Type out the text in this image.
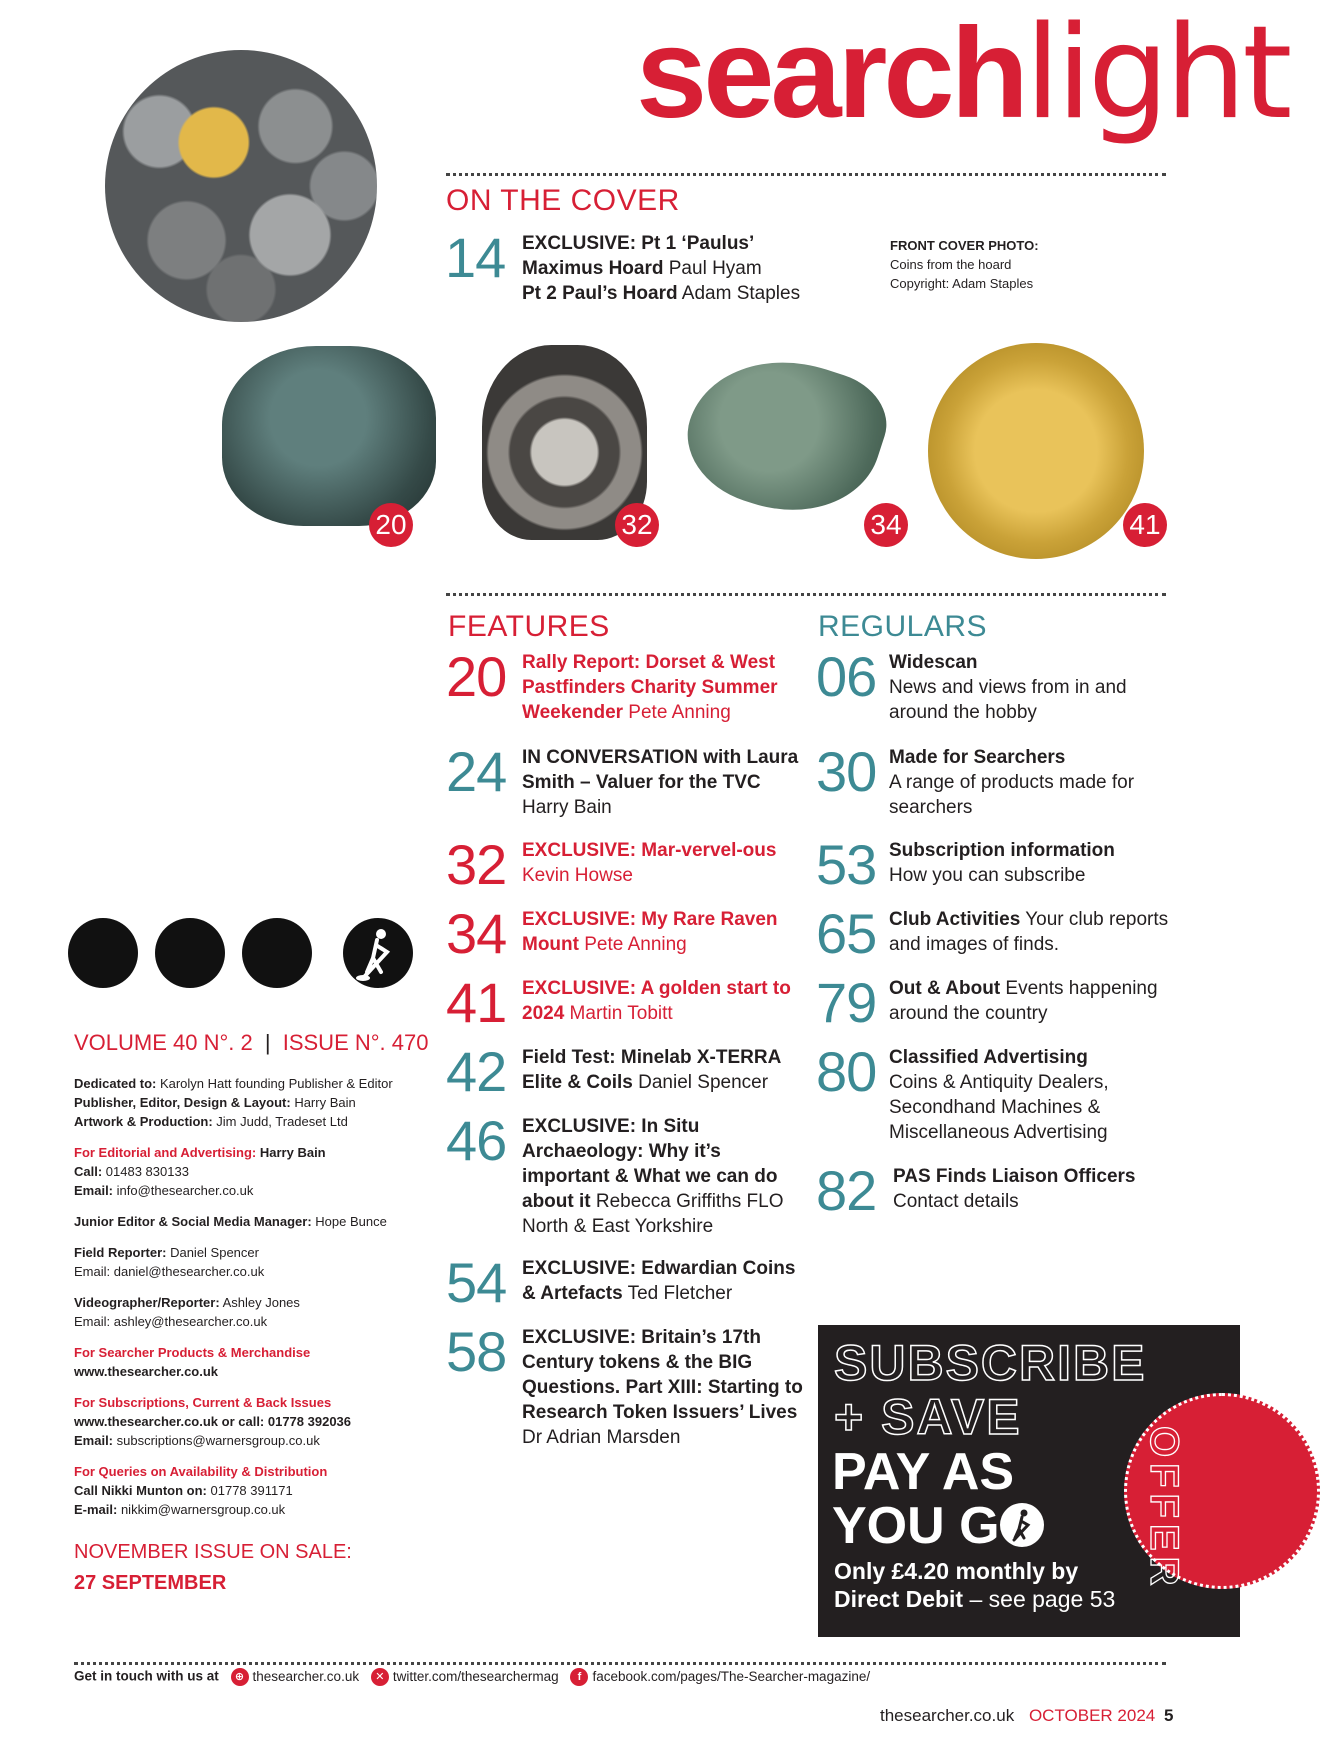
searchlight
ON THE COVER
14 EXCLUSIVE: Pt 1 ‘Paulus’
Maximus Hoard Paul Hyam
Pt 2 Paul’s Hoard Adam Staples
FRONT COVER PHOTO:
Coins from the hoard
Copyright: Adam Staples
20	32	34	41
FEATURES
20 Rally Report: Dorset & West Pastfinders Charity Summer Weekender Pete Anning
24 IN CONVERSATION with Laura Smith – Valuer for the TVC Harry Bain
32 EXCLUSIVE: Mar-vervel-ous Kevin Howse
34 EXCLUSIVE: My Rare Raven Mount Pete Anning
41 EXCLUSIVE: A golden start to 2024 Martin Tobitt
42 Field Test: Minelab X-TERRA Elite & Coils Daniel Spencer
46 EXCLUSIVE: In Situ Archaeology: Why it’s important & What we can do about it Rebecca Griffiths FLO North & East Yorkshire
54 EXCLUSIVE: Edwardian Coins & Artefacts Ted Fletcher
58 EXCLUSIVE: Britain’s 17th Century tokens & the BIG Questions. Part XIII: Starting to Research Token Issuers’ Lives Dr Adrian Marsden
REGULARS
06 Widescan
News and views from in and around the hobby
30 Made for Searchers
A range of products made for searchers
53 Subscription information
How you can subscribe
65 Club Activities Your club reports and images of finds.
79 Out & About Events happening around the country
80 Classified Advertising
Coins & Antiquity Dealers, Secondhand Machines & Miscellaneous Advertising
82 PAS Finds Liaison Officers
Contact details
VOLUME 40 N°. 2 | ISSUE N°. 470
Dedicated to: Karolyn Hatt founding Publisher & Editor
Publisher, Editor, Design & Layout: Harry Bain
Artwork & Production: Jim Judd, Tradeset Ltd
For Editorial and Advertising: Harry Bain
Call: 01483 830133
Email: info@thesearcher.co.uk
Junior Editor & Social Media Manager: Hope Bunce
Field Reporter: Daniel Spencer
Email: daniel@thesearcher.co.uk
Videographer/Reporter: Ashley Jones
Email: ashley@thesearcher.co.uk
For Searcher Products & Merchandise
www.thesearcher.co.uk
For Subscriptions, Current & Back Issues
www.thesearcher.co.uk or call: 01778 392036
Email: subscriptions@warnersgroup.co.uk
For Queries on Availability & Distribution
Call Nikki Munton on: 01778 391171
E-mail: nikkim@warnersgroup.co.uk
NOVEMBER ISSUE ON SALE:
27 SEPTEMBER	OFFER
SUBSCRIBE
+ SAVE
PAY AS
YOU G
Only £4.20 monthly by
Direct Debit – see page 53
Get in touch with us at ⊕ thesearcher.co.uk ✕ twitter.com/thesearchermag f facebook.com/pages/The-Searcher-magazine/
thesearcher.co.uk OCTOBER 2024 5
